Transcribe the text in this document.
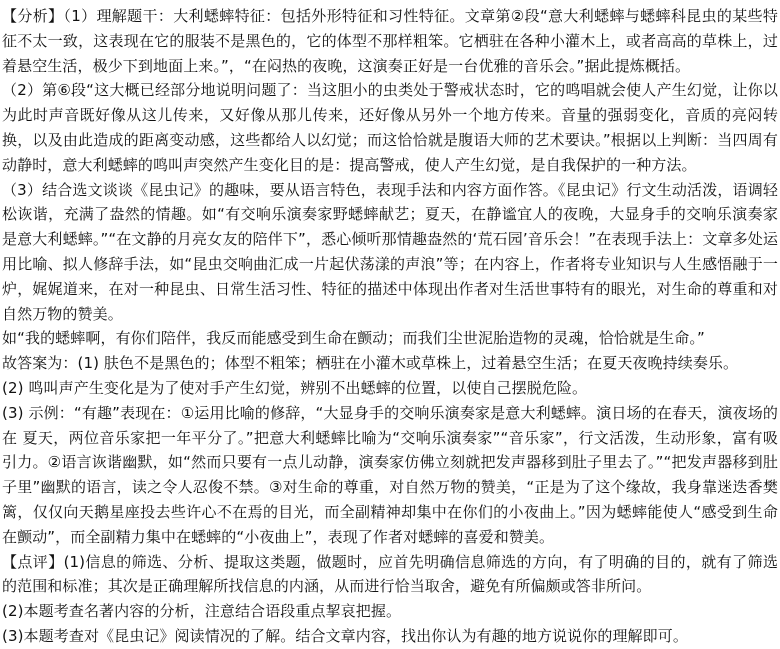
【分析】（1）理解题干：大利蟋蟀特征：包括外形特征和习性特征。文章第②段“意大利蟋蟀与蟋蟀科昆虫的某些特征不太一致，这表现在它的服装不是黑色的，它的体型不那样粗笨。它栖驻在各种小灌木上，或者高高的草株上，过着悬空生活，极少下到地面上来。”，“在闷热的夜晚，这演奏正好是一台优雅的音乐会。”据此提炼概括。

（2）第⑥段“这大概已经部分地说明问题了：当这胆小的虫类处于警戒状态时，它的鸣唱就会使人产生幻觉，让你以为此时声音既好像从这儿传来，又好像从那儿传来，还好像从另外一个地方传来。音量的强弱变化，音质的亮闷转换，以及由此造成的距离变动感，这些都给人以幻觉；而这恰恰就是腹语大师的艺术要诀。”根据以上判断：当四周有动静时，意大利蟋蟀的鸣叫声突然产生变化目的是：提高警戒，使人产生幻觉，是自我保护的一种方法。

（3）结合选文谈谈《昆虫记》的趣味，要从语言特色，表现手法和内容方面作答。《昆虫记》行文生动活泼，语调轻松诙谐，充满了盎然的情趣。如“有交响乐演奏家野蟋蟀献艺；夏天，在静谧宜人的夜晚，大显身手的交响乐演奏家是意大利蟋蟀。”“在文静的月亮女友的陪伴下”，悉心倾听那情趣盎然的‘荒石园’音乐会！”在表现手法上：文章多处运用比喻、拟人修辞手法，如“昆虫交响曲汇成一片起伏荡漾的声浪”等；在内容上，作者将专业知识与人生感悟融于一炉，娓娓道来，在对一种昆虫、日常生活习性、特征的描述中体现出作者对生活世事特有的眼光，对生命的尊重和对自然万物的赞美。

如“我的蟋蟀啊，有你们陪伴，我反而能感受到生命在颤动；而我们尘世泥胎造物的灵魂，恰恰就是生命。”

故答案为：(1) 肤色不是黑色的；体型不粗笨；栖驻在小灌木或草株上，过着悬空生活；在夏天夜晚持续奏乐。

(2) 鸣叫声产生变化是为了使对手产生幻觉，辨别不出蟋蟀的位置，以使自己摆脱危险。

(3) 示例：“有趣”表现在：①运用比喻的修辞，“大显身手的交响乐演奏家是意大利蟋蟀。演日场的在春天，演夜场的在 夏天，两位音乐家把一年平分了。”把意大利蟋蟀比喻为“交响乐演奏家”“音乐家”，行文活泼，生动形象，富有吸引力。②语言诙谐幽默，如“然而只要有一点儿动静，演奏家仿佛立刻就把发声器移到肚子里去了。”“把发声器移到肚子里”幽默的语言，读之令人忍俊不禁。③对生命的尊重，对自然万物的赞美，“正是为了这个缘故，我身靠迷迭香樊篱，仅仅向天鹅星座投去些许心不在焉的目光，而全副精神却集中在你们的小夜曲上。”因为蟋蟀能使人“感受到生命在颤动”，而全副精力集中在蟋蟀的“小夜曲上”，表现了作者对蟋蟀的喜爱和赞美。

【点评】(1)信息的筛选、分析、提取这类题，做题时，应首先明确信息筛选的方向，有了明确的目的，就有了筛选的范围和标准；其次是正确理解所找信息的内涵，从而进行恰当取舍，避免有所偏颇或答非所问。

(2)本题考查名著内容的分析，注意结合语段重点挈哀把握。

(3)本题考查对《昆虫记》阅读情况的了解。结合文章内容，找出你认为有趣的地方说说你的理解即可。
